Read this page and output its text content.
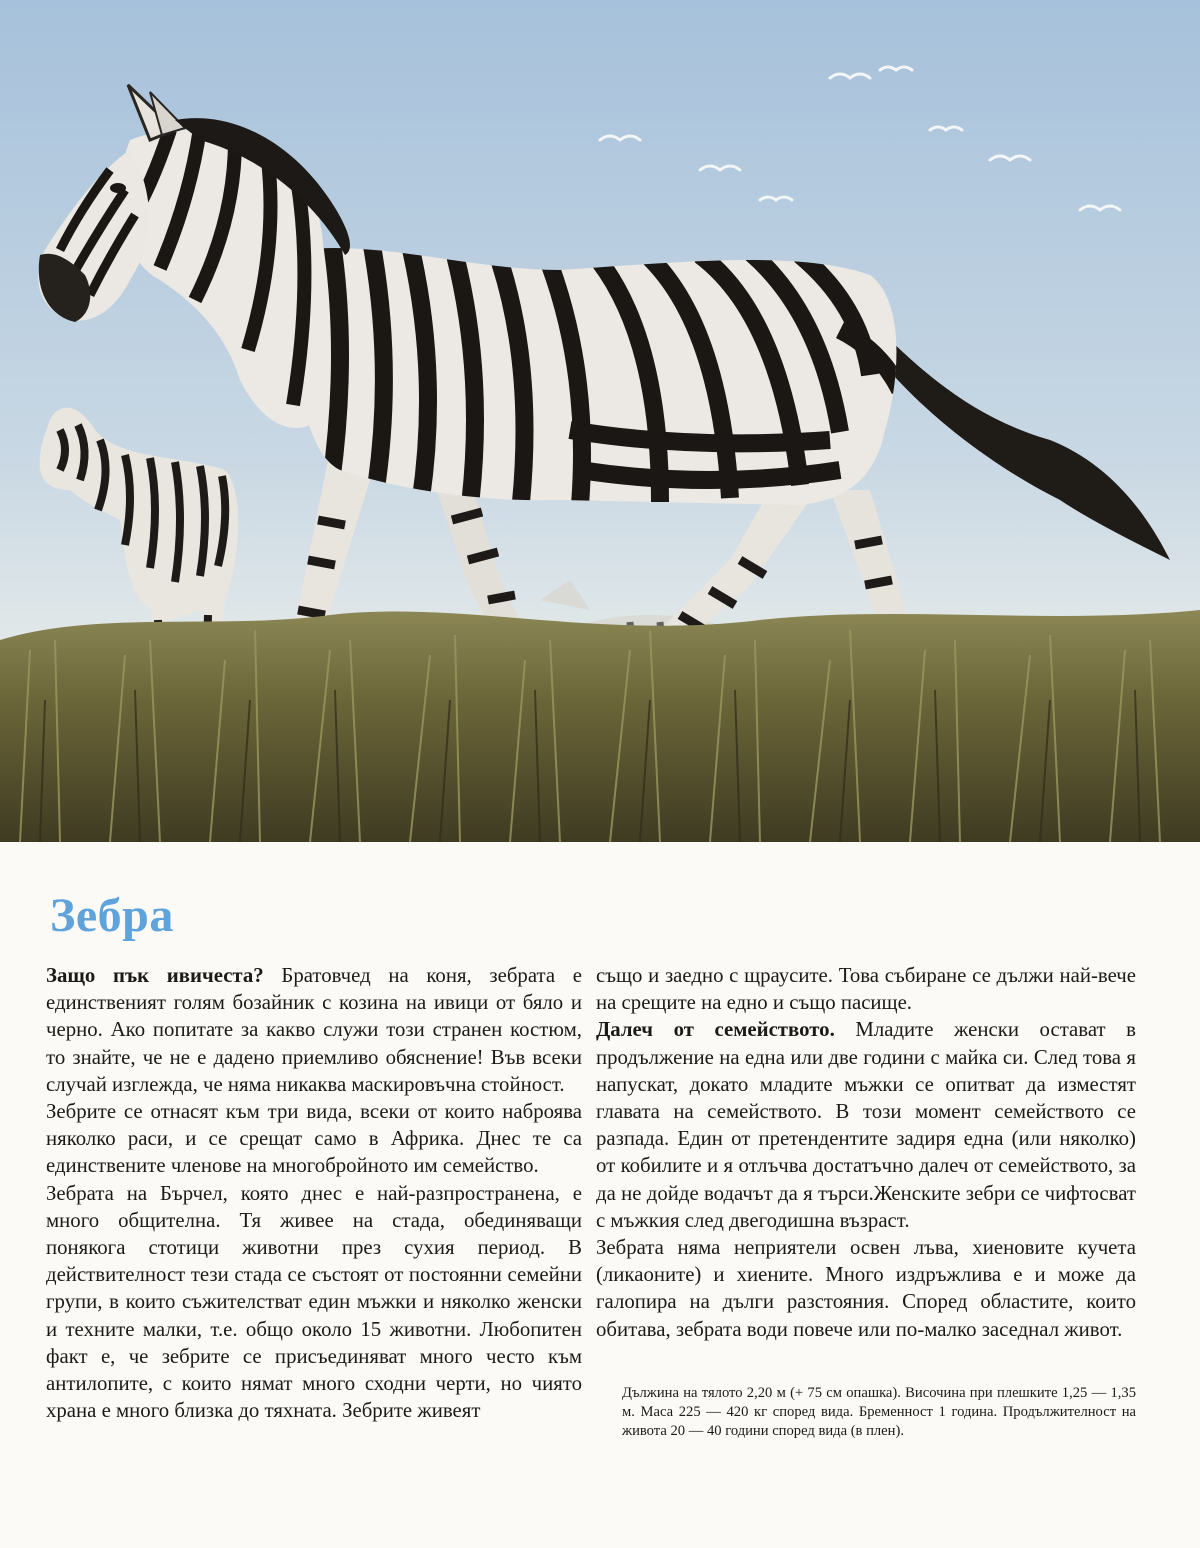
Зебра

Защо пък ивичеста? Братовчед на коня, зебрата е единственият голям бозайник с козина на ивици от бяло и черно. Ако попитате за какво служи този странен костюм, то знайте, че не е дадено приемливо обяснение! Във всеки случай изглежда, че няма никаква маскировъчна стойност.

Зебрите се отнасят към три вида, всеки от които наброява няколко раси, и се срещат само в Африка. Днес те са единствените членове на многобройното им семейство.

Зебрата на Бърчел, която днес е най-разпространена, е много общителна. Тя живее на стада, обединяващи понякога стотици животни през сухия период. В действителност тези стада се състоят от постоянни семейни групи, в които съжителстват един мъжки и няколко женски и техните малки, т.е. общо около 15 животни. Любопитен факт е, че зебрите се присъединяват много често към антилопите, с които нямат много сходни черти, но чиято храна е много близка до тяхната. Зебрите живеят

също и заедно с щраусите. Това събиране се дължи най-вече на срещите на едно и също пасище.

Далеч от семейството. Младите женски остават в продължение на една или две години с майка си. След това я напускат, докато младите мъжки се опитват да изместят главата на семейството. В този момент семейството се разпада. Един от претендентите задиря една (или няколко) от кобилите и я отлъчва достатъчно далеч от семейството, за да не дойде водачът да я търси.Женските зебри се чифтосват с мъжкия след двегодишна възраст.

Зебрата няма неприятели освен лъва, хиеновите кучета (ликаоните) и хиените. Много издръжлива е и може да галопира на дълги разстояния. Според областите, които обитава, зебрата води повече или по-малко заседнал живот.

Дължина на тялото 2,20 м (+ 75 см опашка). Височина при плешките 1,25 — 1,35 м. Маса 225 — 420 кг според вида. Бременност 1 година. Продължителност на живота 20 — 40 години според вида (в плен).
